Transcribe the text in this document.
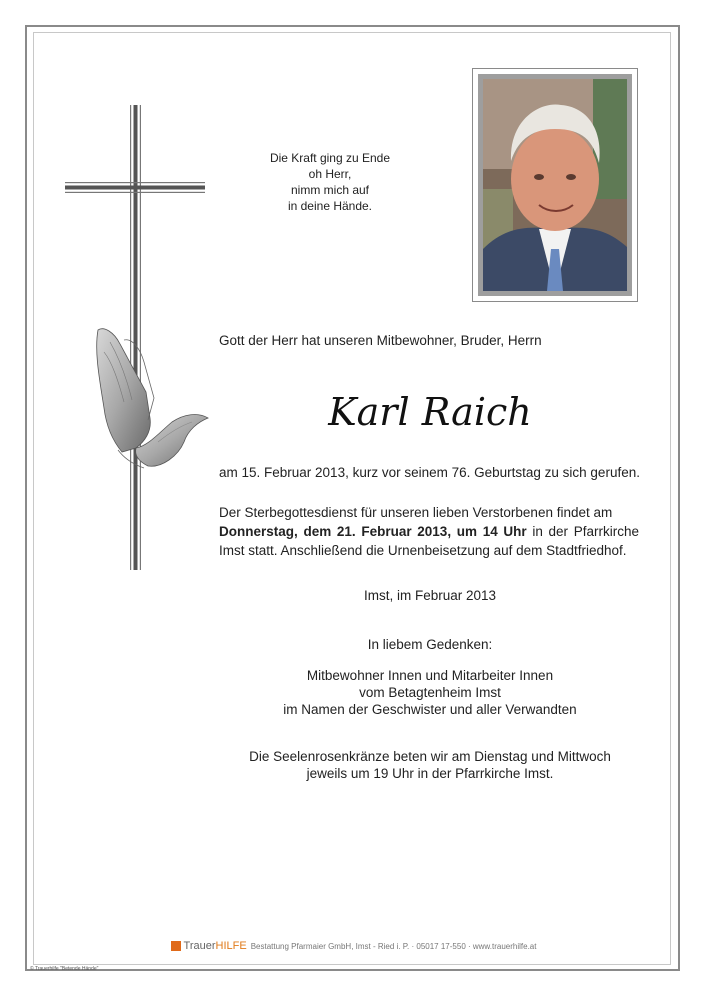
Die Kraft ging zu Ende
oh Herr,
nimm mich auf
in deine Hände.
Gott der Herr hat unseren Mitbewohner, Bruder, Herrn
Karl Raich
am 15. Februar 2013, kurz vor seinem 76. Geburtstag zu sich gerufen.
Der Sterbegottesdienst für unseren lieben Verstorbenen findet am
Donnerstag, dem 21. Februar 2013, um 14 Uhr in der Pfarrkirche Imst statt. Anschließend die Urnenbeisetzung auf dem Stadtfriedhof.
Imst, im Februar 2013
In liebem Gedenken:
Mitbewohner Innen und Mitarbeiter Innen
vom Betagtenheim Imst
im Namen der Geschwister und aller Verwandten
Die Seelenrosenkränze beten wir am Dienstag und Mittwoch
jeweils um 19 Uhr in der Pfarrkirche Imst.
TrauerHILFE Bestattung Pfarmaier GmbH, Imst - Ried i. P. · 05017 17-550 · www.trauerhilfe.at
© Trauerhilfe "Betende Hände"
